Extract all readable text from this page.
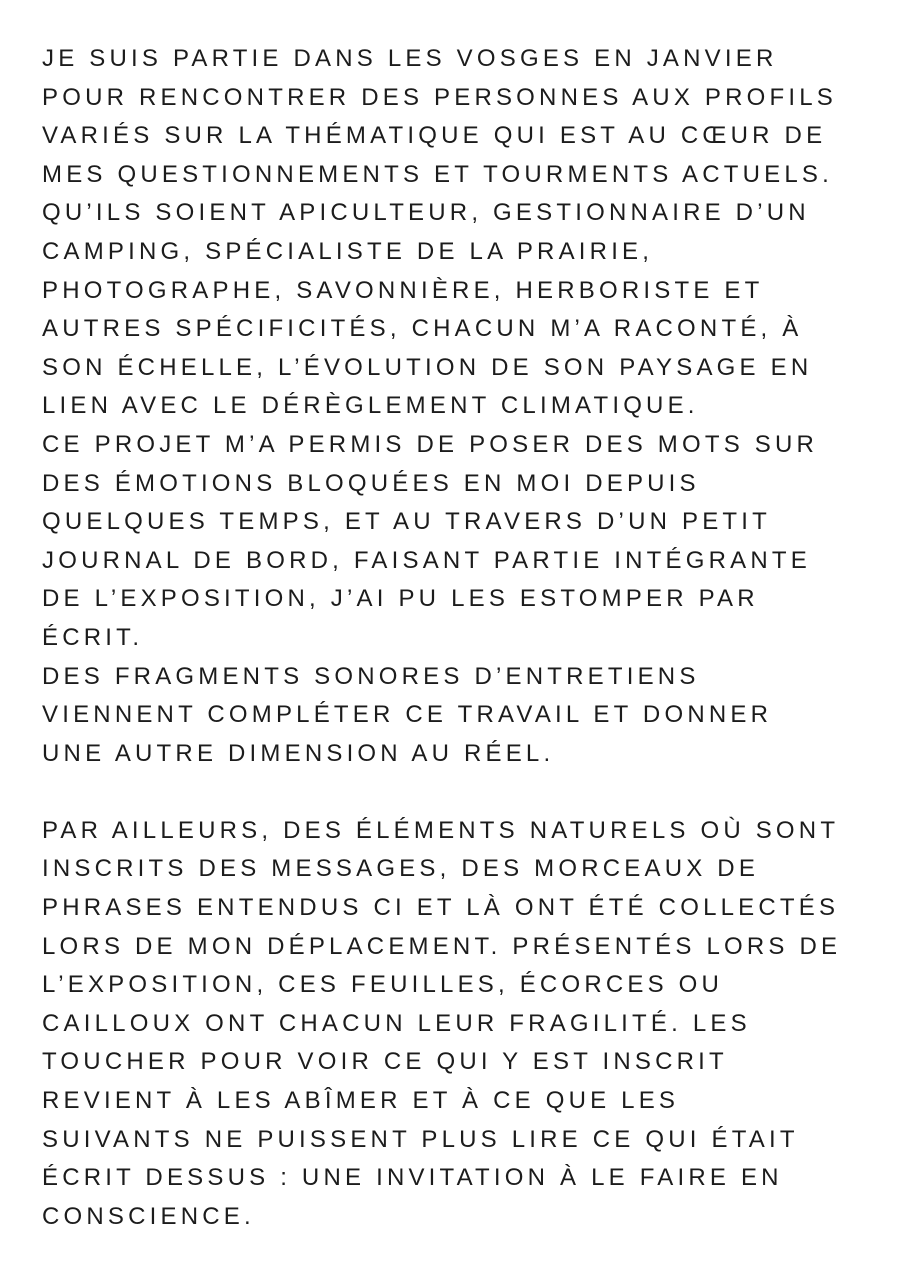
JE SUIS PARTIE DANS LES VOSGES EN JANVIER
POUR RENCONTRER DES PERSONNES AUX PROFILS
VARIÉS SUR LA THÉMATIQUE QUI EST AU CŒUR DE
MES QUESTIONNEMENTS ET TOURMENTS ACTUELS.
QU’ILS SOIENT APICULTEUR, GESTIONNAIRE D’UN
CAMPING, SPÉCIALISTE DE LA PRAIRIE,
PHOTOGRAPHE, SAVONNIÈRE, HERBORISTE ET
AUTRES SPÉCIFICITÉS, CHACUN M’A RACONTÉ, À
SON ÉCHELLE, L’ÉVOLUTION DE SON PAYSAGE EN
LIEN AVEC LE DÉRÈGLEMENT CLIMATIQUE.
CE PROJET M’A PERMIS DE POSER DES MOTS SUR
DES ÉMOTIONS BLOQUÉES EN MOI DEPUIS
QUELQUES TEMPS, ET AU TRAVERS D’UN PETIT
JOURNAL DE BORD, FAISANT PARTIE INTÉGRANTE
DE L’EXPOSITION, J’AI PU LES ESTOMPER PAR
ÉCRIT.
DES FRAGMENTS SONORES D’ENTRETIENS
VIENNENT COMPLÉTER CE TRAVAIL ET DONNER
UNE AUTRE DIMENSION AU RÉEL.
PAR AILLEURS, DES ÉLÉMENTS NATURELS OÙ SONT
INSCRITS DES MESSAGES, DES MORCEAUX DE
PHRASES ENTENDUS CI ET LÀ ONT ÉTÉ COLLECTÉS
LORS DE MON DÉPLACEMENT. PRÉSENTÉS LORS DE
L’EXPOSITION, CES FEUILLES, ÉCORCES OU
CAILLOUX ONT CHACUN LEUR FRAGILITÉ. LES
TOUCHER POUR VOIR CE QUI Y EST INSCRIT
REVIENT À LES ABÎMER ET À CE QUE LES
SUIVANTS NE PUISSENT PLUS LIRE CE QUI ÉTAIT
ÉCRIT DESSUS : UNE INVITATION À LE FAIRE EN
CONSCIENCE.
